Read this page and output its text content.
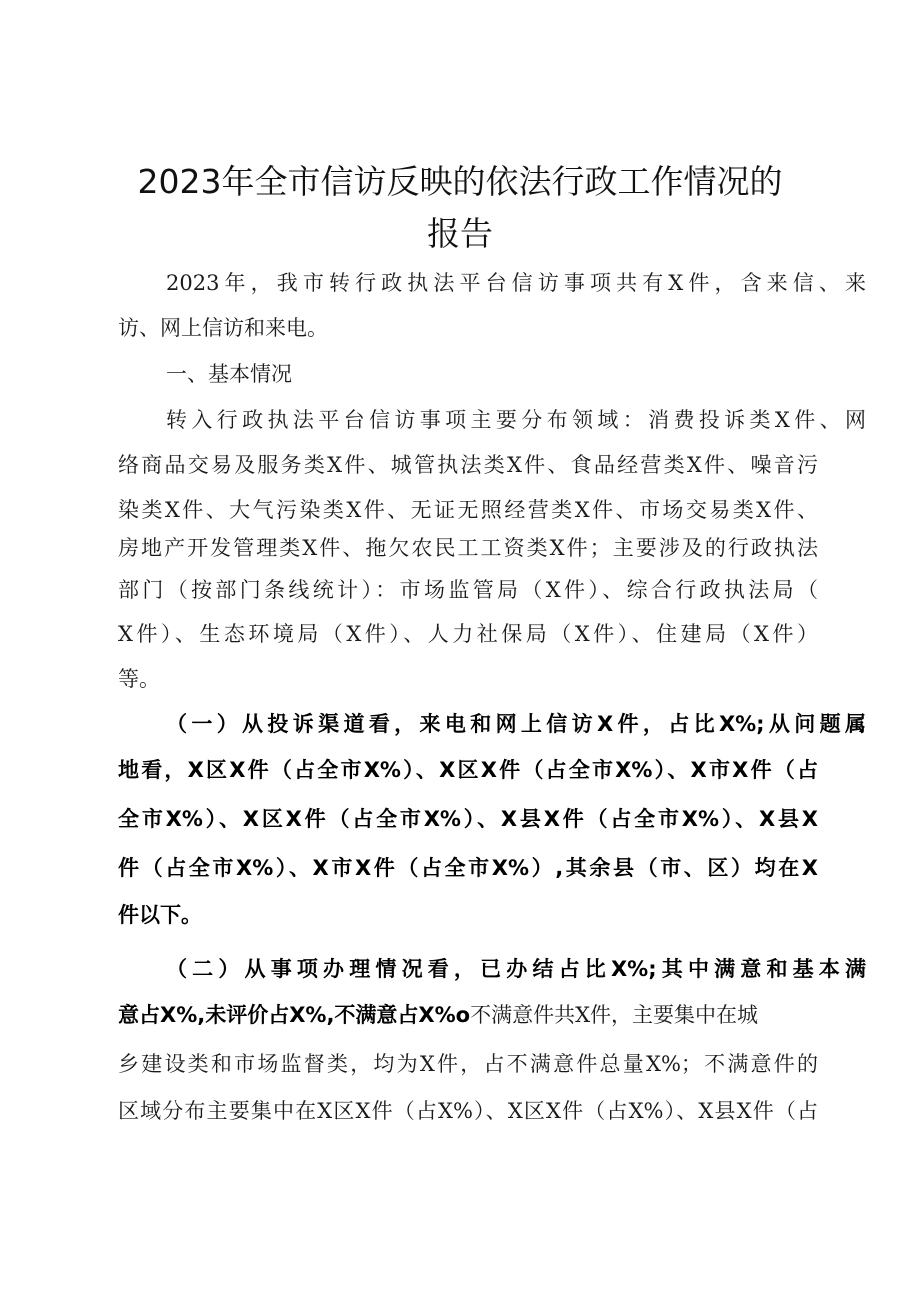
2023年全市信访反映的依法行政工作情况的
报告

2023年，我市转行政执法平台信访事项共有X件，含来信、来

访、网上信访和来电。

一、基本情况

转入行政执法平台信访事项主要分布领域：消费投诉类X件、网

络商品交易及服务类X件、城管执法类X件、食品经营类X件、噪音污

染类X件、大气污染类X件、无证无照经营类X件、市场交易类X件、

房地产开发管理类X件、拖欠农民工工资类X件；主要涉及的行政执法

部门（按部门条线统计）：市场监管局（X件）、综合行政执法局（

X件）、生态环境局（X件）、人力社保局（X件）、住建局（X件）

等。

（一）从投诉渠道看，来电和网上信访X件，占比X%;从问题属

地看，X区X件（占全市X%）、X区X件（占全市X%）、X市X件（占

全市X%）、X区X件（占全市X%）、X县X件（占全市X%）、X县X

件（占全市X%）、X市X件（占全市X%）,其余县（市、区）均在X

件以下。

（二）从事项办理情况看，已办结占比X%;其中满意和基本满

意占X%,未评价占X%,不满意占X%o不满意件共X件，主要集中在城

乡建设类和市场监督类，均为X件，占不满意件总量X%；不满意件的

区域分布主要集中在X区X件（占X%）、X区X件（占X%）、X县X件（占
